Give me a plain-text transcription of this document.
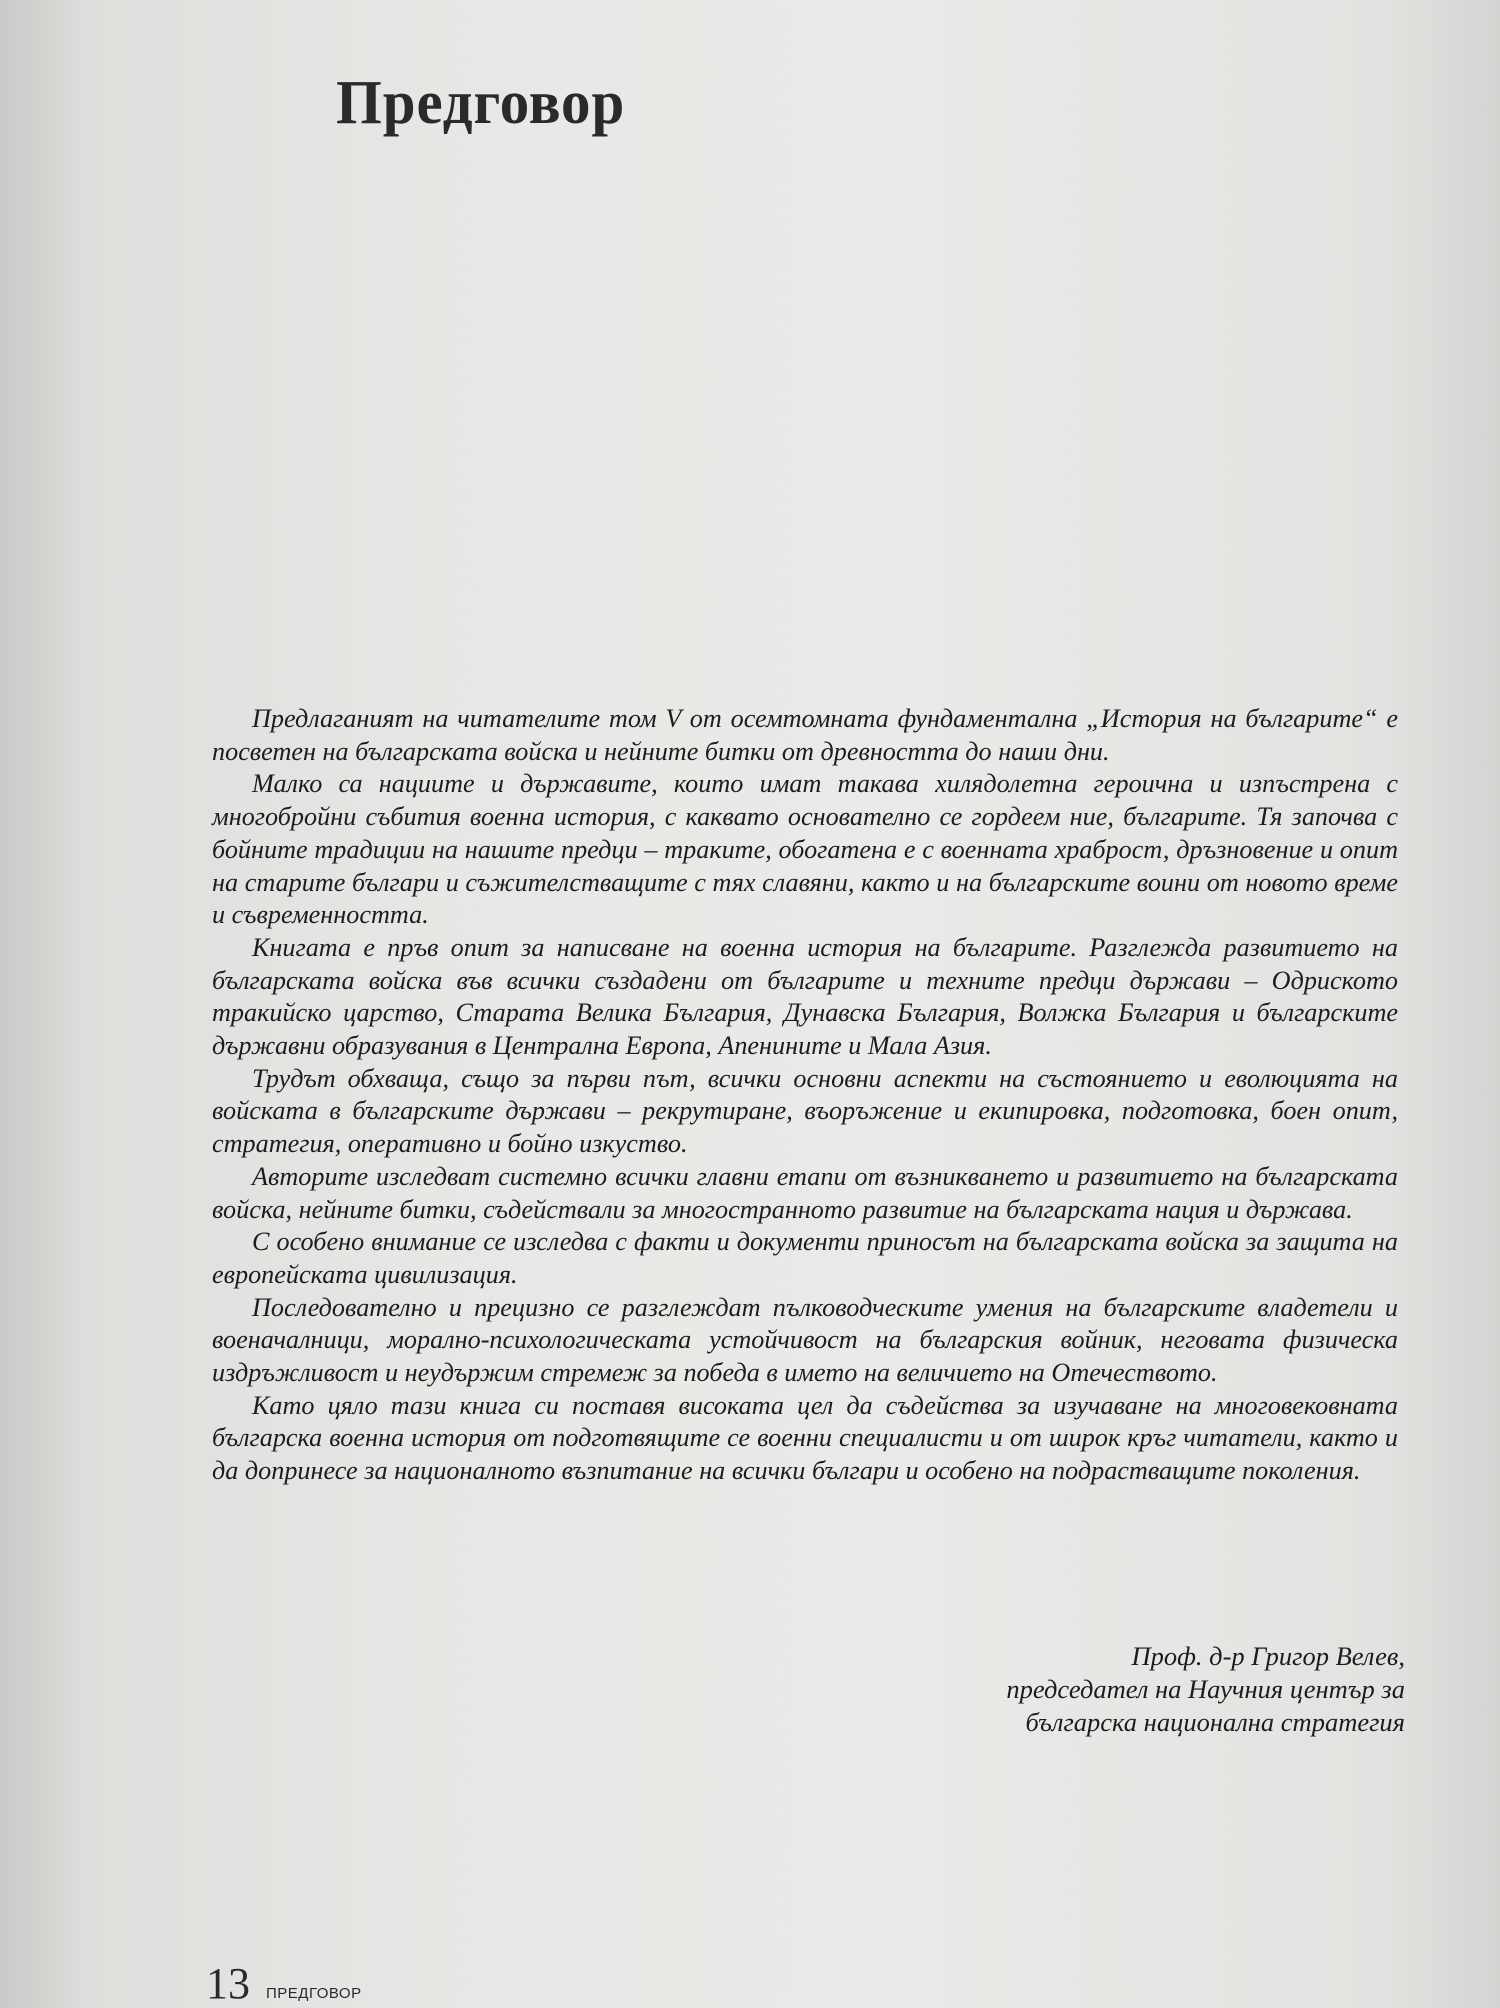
Предговор

Предлаганият на читателите том V от осемтомната фундаментална „История на българите“ е посветен на българската войска и нейните битки от древността до наши дни.

Малко са нациите и държавите, които имат такава хилядолетна героична и изпъстрена с многобройни събития военна история, с каквато основателно се гордеем ние, българите. Тя започва с бойните традиции на нашите предци – траките, обогатена е с военната храброст, дръзновение и опит на старите българи и съжителстващите с тях славяни, както и на българските воини от новото време и съвременността.

Книгата е пръв опит за написване на военна история на българите. Разглежда развитието на българската войска във всички създадени от българите и техните предци държави – Одриското тракийско царство, Старата Велика България, Дунавска България, Волжка България и българските държавни образувания в Централна Европа, Апенините и Мала Азия.

Трудът обхваща, също за първи път, всички основни аспекти на състоянието и еволюцията на войската в българските държави – рекрутиране, въоръжение и екипировка, подготовка, боен опит, стратегия, оперативно и бойно изкуство.

Авторите изследват системно всички главни етапи от възникването и развитието на българската войска, нейните битки, съдействали за многостранното развитие на българската нация и държава.

С особено внимание се изследва с факти и документи приносът на българската войска за защита на европейската цивилизация.

Последователно и прецизно се разглеждат пълководческите умения на българските владетели и военачалници, морално-психологическата устойчивост на българския войник, неговата физическа издръжливост и неудържим стремеж за победа в името на величието на Отечеството.

Като цяло тази книга си поставя високата цел да съдейства за изучаване на многовековната българска военна история от подготвящите се военни специалисти и от широк кръг читатели, както и да допринесе за националното възпитание на всички българи и особено на подрастващите поколения.

Проф. д-р Григор Велев,
председател на Научния център за
българска национална стратегия
13 ПРЕДГОВОР
